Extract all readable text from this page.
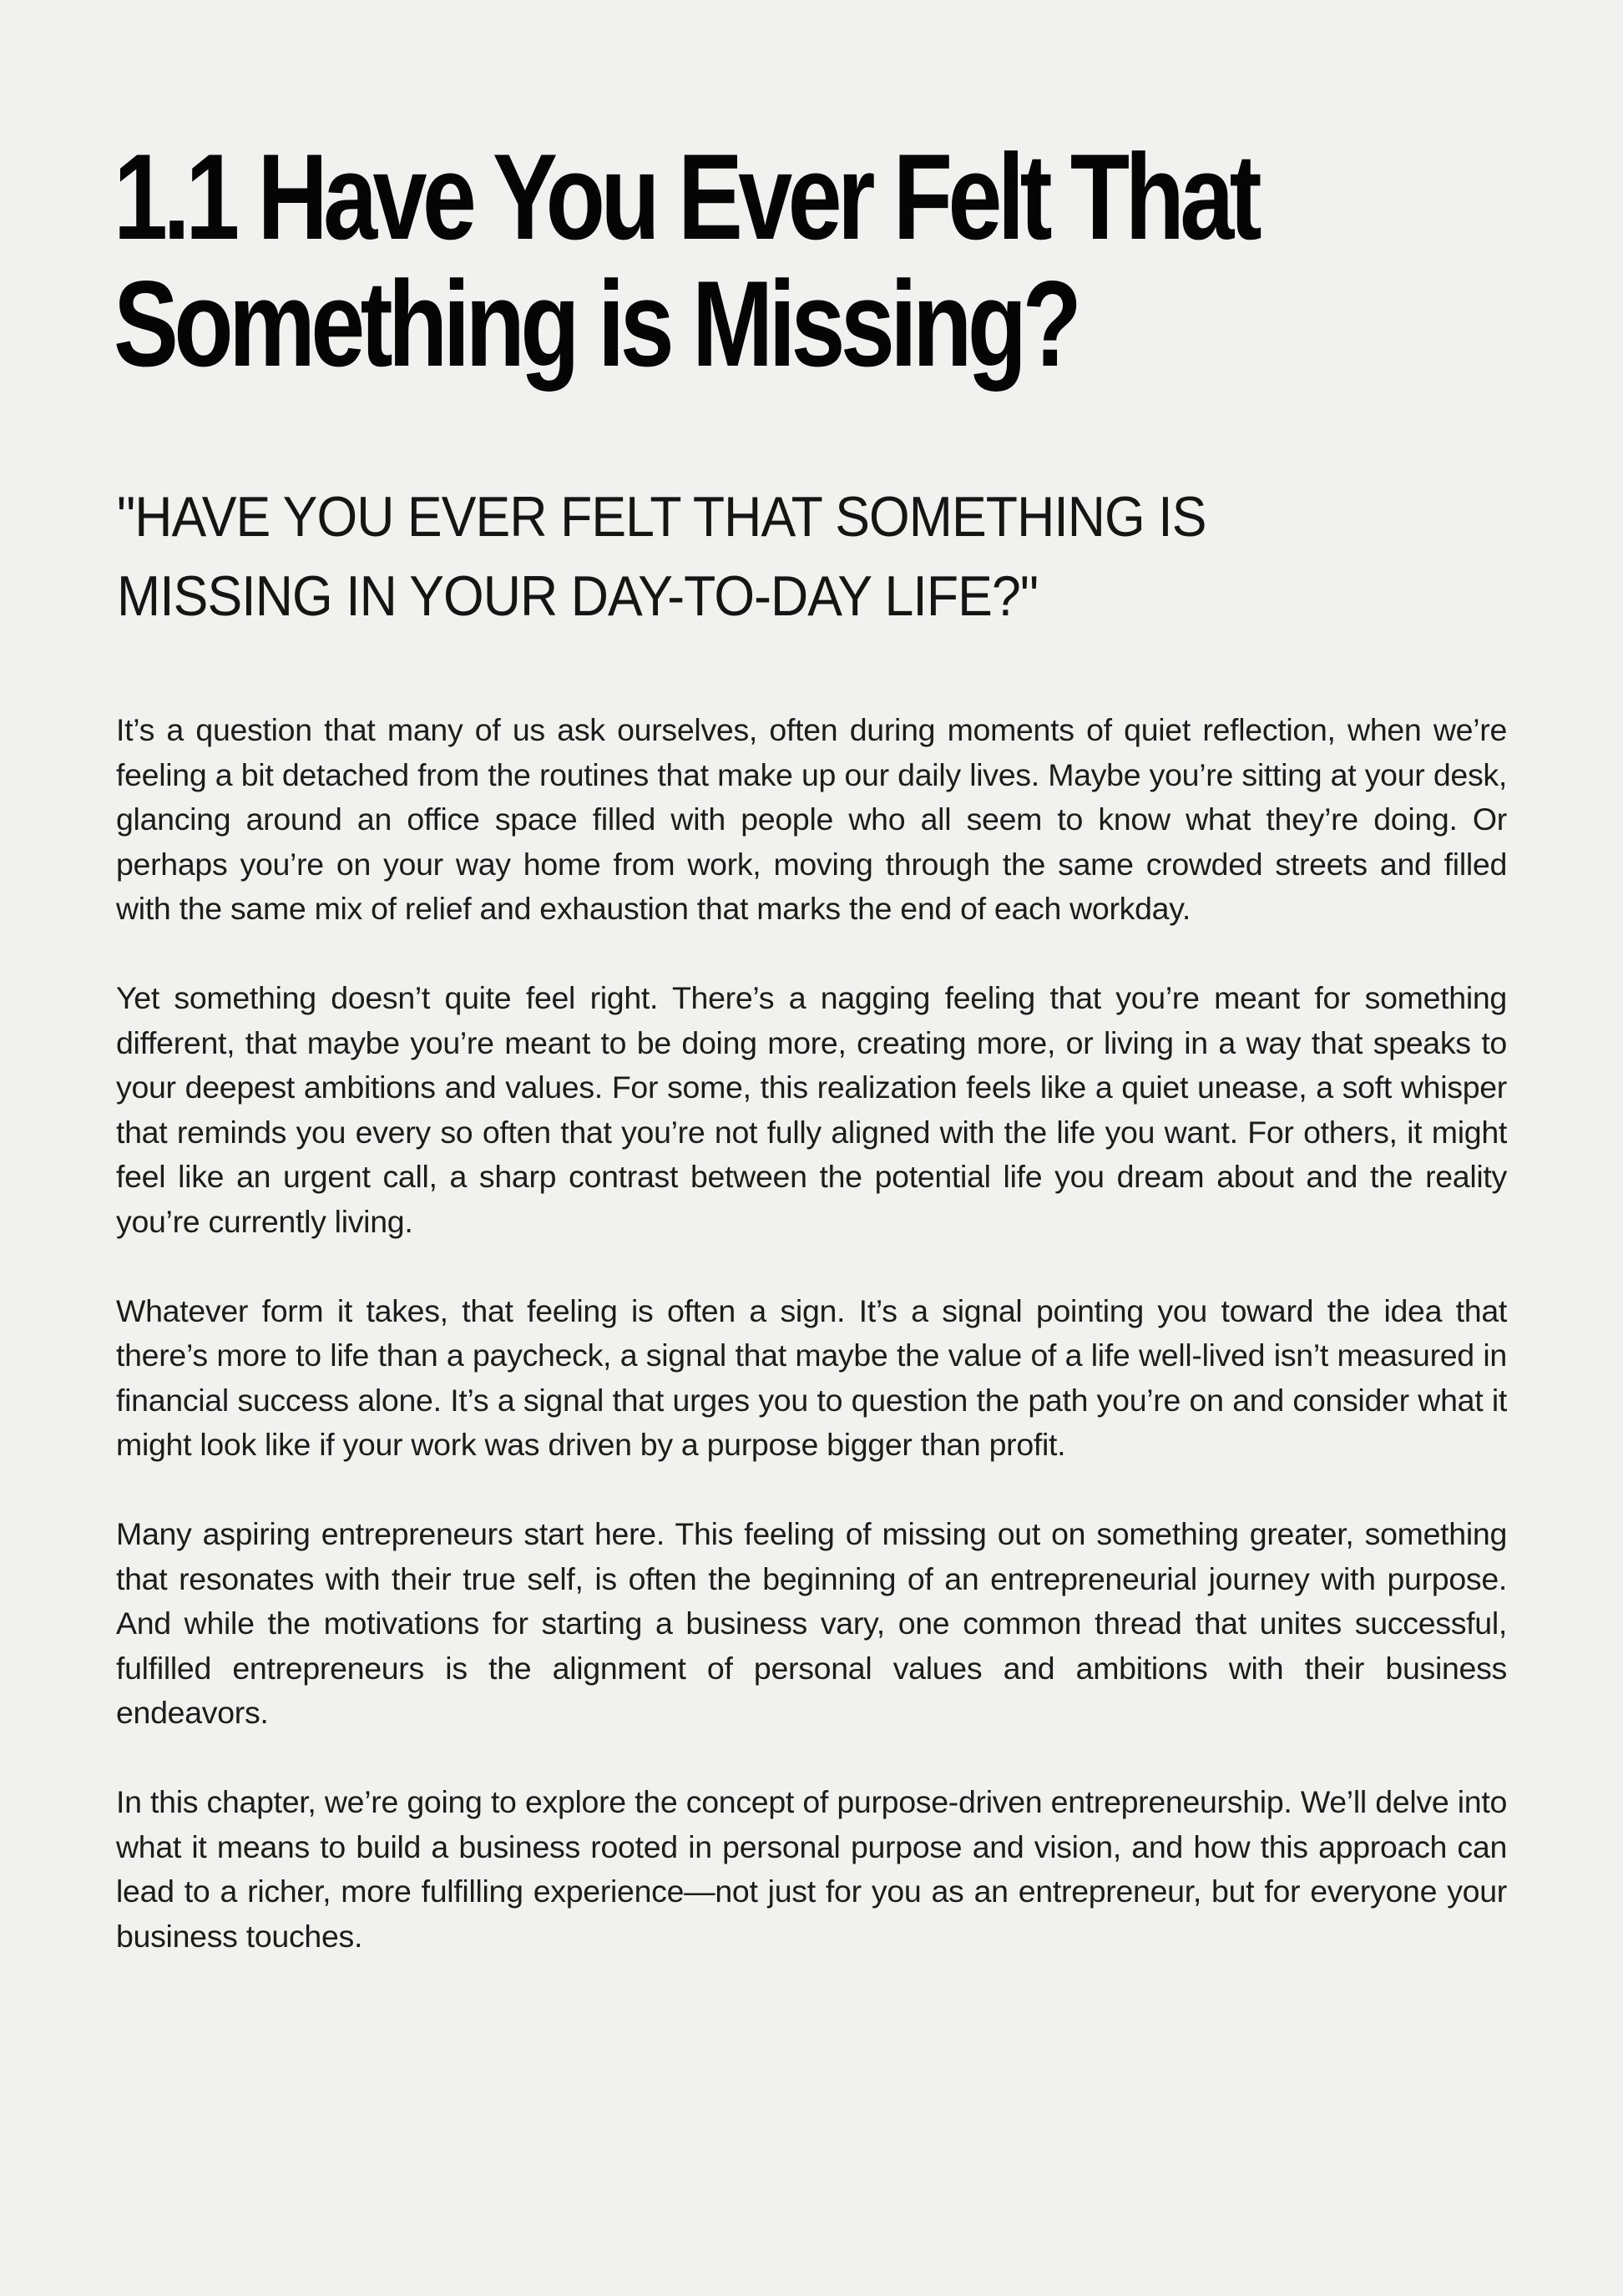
1.1 Have You Ever Felt That
Something is Missing?
"HAVE YOU EVER FELT THAT SOMETHING IS
MISSING IN YOUR DAY-TO-DAY LIFE?"

It’s a question that many of us ask ourselves, often during moments of quiet reflection, when we’re feeling a bit detached from the routines that make up our daily lives. Maybe you’re sitting at your desk, glancing around an office space filled with people who all seem to know what they’re doing. Or perhaps you’re on your way home from work, moving through the same crowded streets and filled with the same mix of relief and exhaustion that marks the end of each workday.

Yet something doesn’t quite feel right. There’s a nagging feeling that you’re meant for something different, that maybe you’re meant to be doing more, creating more, or living in a way that speaks to your deepest ambitions and values. For some, this realization feels like a quiet unease, a soft whisper that reminds you every so often that you’re not fully aligned with the life you want. For others, it might feel like an urgent call, a sharp contrast between the potential life you dream about and the reality you’re currently living.

Whatever form it takes, that feeling is often a sign. It’s a signal pointing you toward the idea that there’s more to life than a paycheck, a signal that maybe the value of a life well-lived isn’t measured in financial success alone. It’s a signal that urges you to question the path you’re on and consider what it might look like if your work was driven by a purpose bigger than profit.

Many aspiring entrepreneurs start here. This feeling of missing out on something greater, something that resonates with their true self, is often the beginning of an entrepreneurial journey with purpose. And while the motivations for starting a business vary, one common thread that unites successful, fulfilled entrepreneurs is the alignment of personal values and ambitions with their business endeavors.

In this chapter, we’re going to explore the concept of purpose-driven entrepreneurship. We’ll delve into what it means to build a business rooted in personal purpose and vision, and how this approach can lead to a richer, more fulfilling experience—not just for you as an entrepreneur, but for everyone your business touches.
